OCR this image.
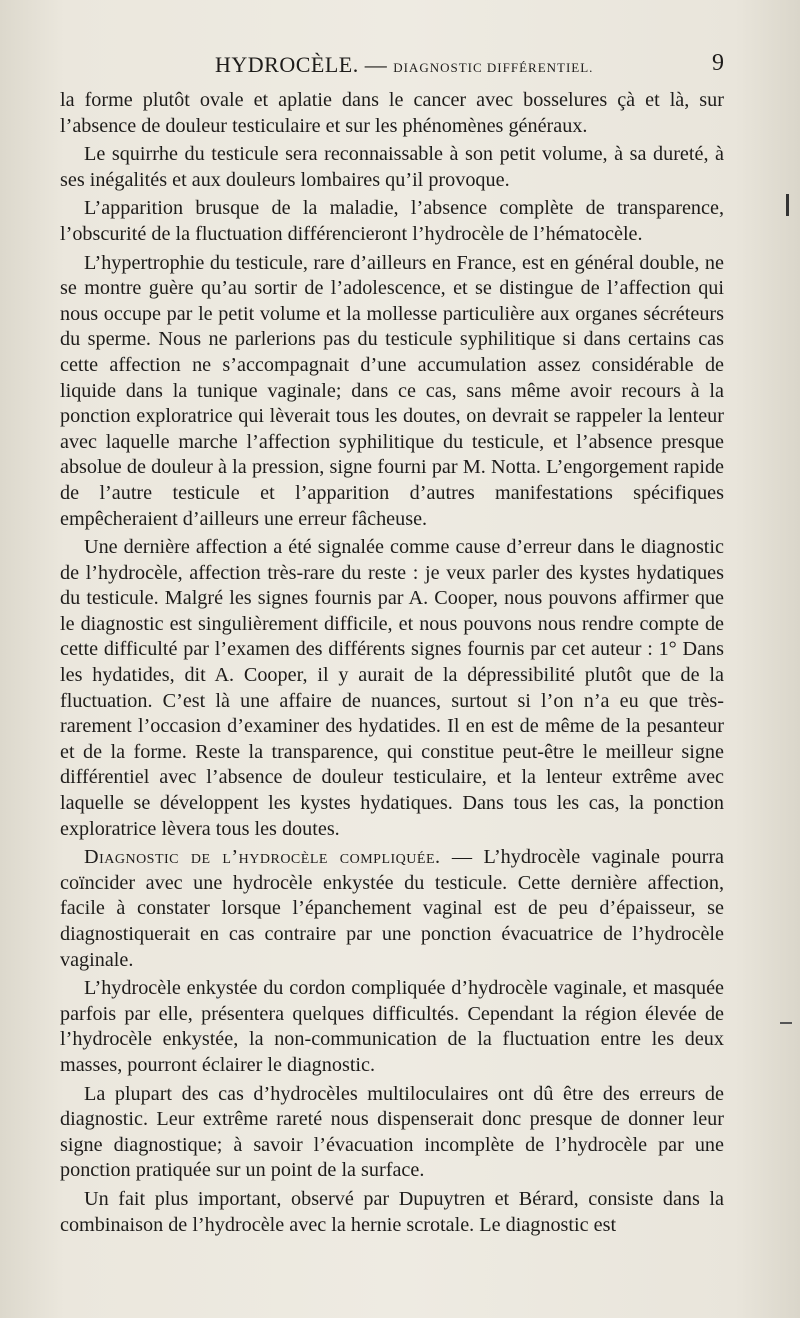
HYDROCÈLE. — DIAGNOSTIC DIFFÉRENTIEL.	9

la forme plutôt ovale et aplatie dans le cancer avec bosselures çà et là, sur l’absence de douleur testiculaire et sur les phénomènes généraux.

Le squirrhe du testicule sera reconnaissable à son petit volume, à sa dureté, à ses inégalités et aux douleurs lombaires qu’il provoque.

L’apparition brusque de la maladie, l’absence complète de transparence, l’obscurité de la fluctuation différencieront l’hydrocèle de l’hématocèle.

L’hypertrophie du testicule, rare d’ailleurs en France, est en général double, ne se montre guère qu’au sortir de l’adolescence, et se distingue de l’affection qui nous occupe par le petit volume et la mollesse particulière aux organes sécréteurs du sperme. Nous ne parlerions pas du testicule syphilitique si dans certains cas cette affection ne s’accompagnait d’une accumulation assez considérable de liquide dans la tunique vaginale; dans ce cas, sans même avoir recours à la ponction exploratrice qui lèverait tous les doutes, on devrait se rappeler la lenteur avec laquelle marche l’affection syphilitique du testicule, et l’absence presque absolue de douleur à la pression, signe fourni par M. Notta. L’engorgement rapide de l’autre testicule et l’apparition d’autres manifestations spécifiques empêcheraient d’ailleurs une erreur fâcheuse.

Une dernière affection a été signalée comme cause d’erreur dans le diagnostic de l’hydrocèle, affection très-rare du reste : je veux parler des kystes hydatiques du testicule. Malgré les signes fournis par A. Cooper, nous pouvons affirmer que le diagnostic est singulièrement difficile, et nous pouvons nous rendre compte de cette difficulté par l’examen des différents signes fournis par cet auteur : 1° Dans les hydatides, dit A. Cooper, il y aurait de la dépressibilité plutôt que de la fluctuation. C’est là une affaire de nuances, surtout si l’on n’a eu que très-rarement l’occasion d’examiner des hydatides. Il en est de même de la pesanteur et de la forme. Reste la transparence, qui constitue peut-être le meilleur signe différentiel avec l’absence de douleur testiculaire, et la lenteur extrême avec laquelle se développent les kystes hydatiques. Dans tous les cas, la ponction exploratrice lèvera tous les doutes.

Diagnostic de l’hydrocèle compliquée. — L’hydrocèle vaginale pourra coïncider avec une hydrocèle enkystée du testicule. Cette dernière affection, facile à constater lorsque l’épanchement vaginal est de peu d’épaisseur, se diagnostiquerait en cas contraire par une ponction évacuatrice de l’hydrocèle vaginale.

L’hydrocèle enkystée du cordon compliquée d’hydrocèle vaginale, et masquée parfois par elle, présentera quelques difficultés. Cependant la région élevée de l’hydrocèle enkystée, la non-communication de la fluctuation entre les deux masses, pourront éclairer le diagnostic.

La plupart des cas d’hydrocèles multiloculaires ont dû être des erreurs de diagnostic. Leur extrême rareté nous dispenserait donc presque de donner leur signe diagnostique; à savoir l’évacuation incomplète de l’hydrocèle par une ponction pratiquée sur un point de la surface.

Un fait plus important, observé par Dupuytren et Bérard, consiste dans la combinaison de l’hydrocèle avec la hernie scrotale. Le diagnostic est
